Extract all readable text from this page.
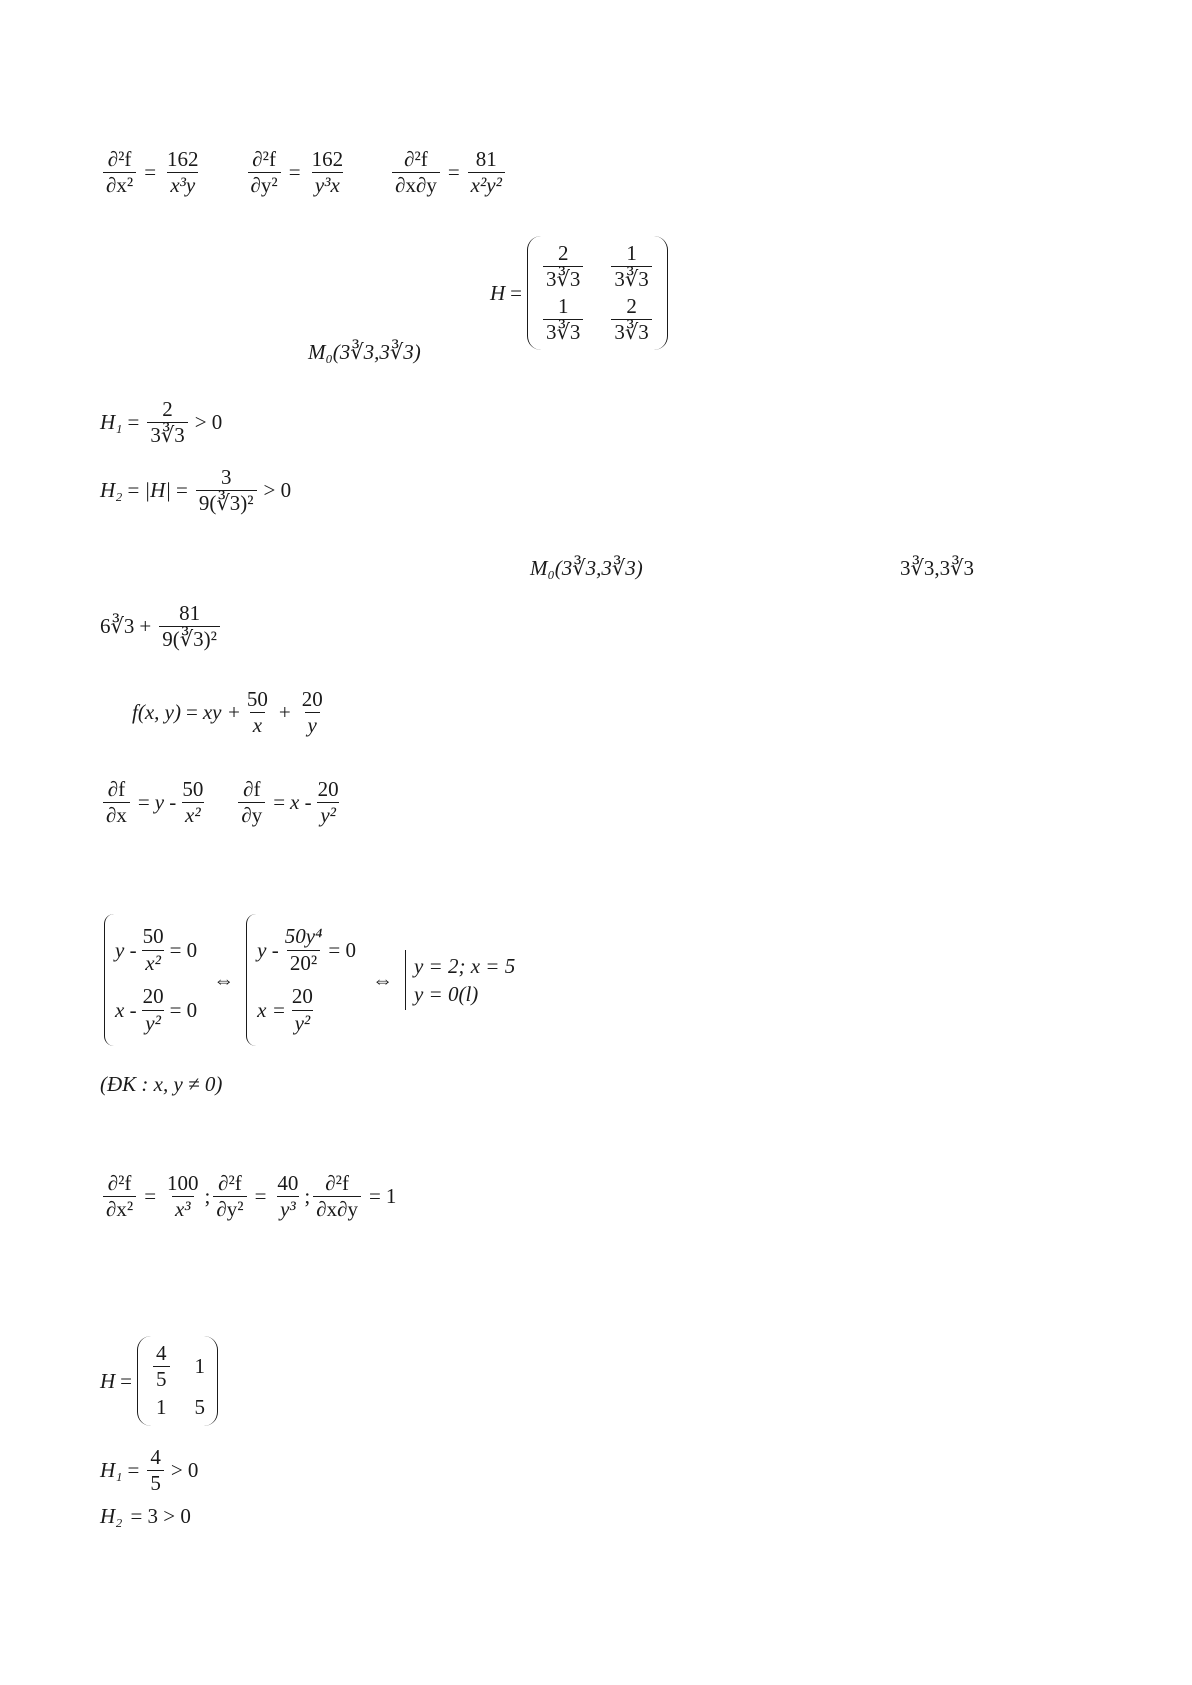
$\frac{\text{∂²f}}{\text{∂x²}} = \frac{162}{\text{x³y}} \frac{\text{∂²f}}{\text{∂y²}} = \frac{162}{\text{y³x}} \frac{\text{∂²f}}{\partial x\partial y} = \frac{81}{\text{x²y²}}$
M₀(3∛3,3∛3)
H =
$\frac{2}{3∛3} \frac{1}{3∛3}$
$\frac{1}{3∛3} \frac{2}{3∛3}$
$H_1 = \frac{2}{3∛3} > 0$
$H_2 = |H| = \frac{3}{\text{9(∛3)²}} > 0$
M₀(3∛3,3∛3)	3∛3,3∛3
6∛3 + $\frac{81}{\text{9(∛3)²}}$
f(x, y) = xy + $\frac{50}{x} + \frac{20}{y}$
$\frac{\partial f}{\partial x} = y - \frac{50}{\text{x²}} \frac{\partial f}{\partial y} = x - \frac{20}{\text{y²}}$
$y - \frac{50}{\text{x²}} = 0$
$x - \frac{20}{\text{y²}} = 0$
⇔
$y - \frac{\text{50y⁴}}{\text{20²}} = 0$
$x = \frac{20}{\text{y²}}$
⇔
y = 2; x = 5
y = 0(l)
(ĐK : x, y ≠ 0)
$\frac{\text{∂²f}}{\text{∂x²}} = \frac{100}{\text{x³}}$ ; $\frac{\text{∂²f}}{\text{∂y²}} = \frac{40}{\text{y³}}$ ; $\frac{\text{∂²f}}{\partial x\partial y} = 1$
$H = \frac{4}{5} 1$
1 5
$H_1 = \frac{4}{5} > 0$
H₂ = 3 > 0
